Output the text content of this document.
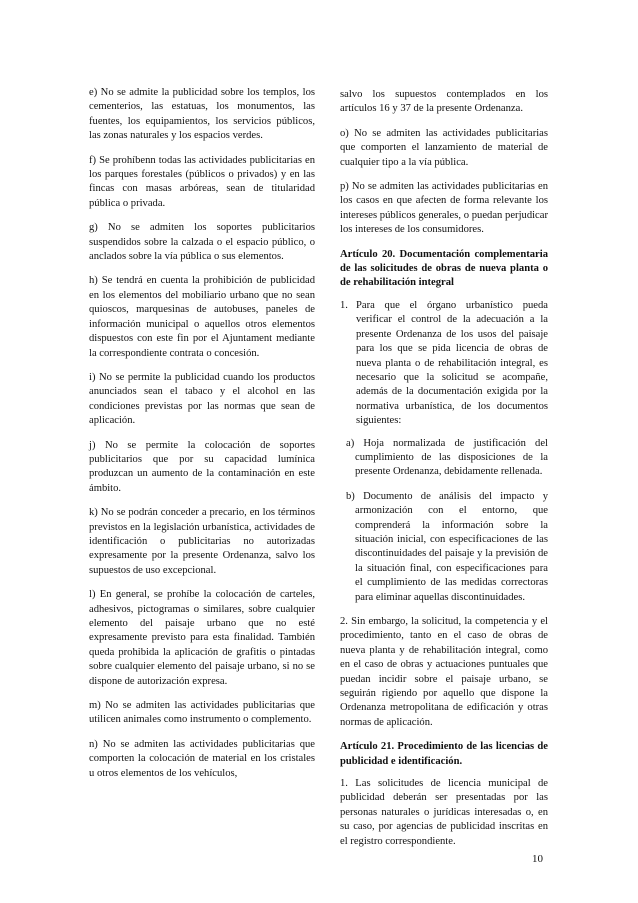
e) No se admite la publicidad sobre los templos, los cementerios, las estatuas, los monumentos, las fuentes, los equipamientos, los servicios públicos, las zonas naturales y los espacios verdes.

f) Se prohíbenn todas las actividades publicitarias en los parques forestales (públicos o privados) y en las fincas con masas arbóreas, sean de titularidad pública o privada.

g) No se admiten los soportes publicitarios suspendidos sobre la calzada o el espacio público, o anclados sobre la vía pública o sus elementos.

h) Se tendrá en cuenta la prohibición de publicidad en los elementos del mobiliario urbano que no sean quioscos, marquesinas de autobuses, paneles de información municipal o aquellos otros elementos dispuestos con este fin por el Ajuntament mediante la correspondiente contrata o concesión.

i) No se permite la publicidad cuando los productos anunciados sean el tabaco y el alcohol en las condiciones previstas por las normas que sean de aplicación.

j) No se permite la colocación de soportes publicitarios que por su capacidad lumínica produzcan un aumento de la contaminación en este ámbito.

k) No se podrán conceder a precario, en los términos previstos en la legislación urbanística, actividades de identificación o publicitarias no autorizadas expresamente por la presente Ordenanza, salvo los supuestos de uso excepcional.

l) En general, se prohíbe la colocación de carteles, adhesivos, pictogramas o similares, sobre cualquier elemento del paisaje urbano que no esté expresamente previsto para esta finalidad. También queda prohibida la aplicación de grafitis o pintadas sobre cualquier elemento del paisaje urbano, si no se dispone de autorización expresa.

m) No se admiten las actividades publicitarias que utilicen animales como instrumento o complemento.

n) No se admiten las actividades publicitarias que comporten la colocación de material en los cristales u otros elementos de los vehículos,

salvo los supuestos contemplados en los artículos 16 y 37 de la presente Ordenanza.

o) No se admiten las actividades publicitarias que comporten el lanzamiento de material de cualquier tipo a la vía pública.

p) No se admiten las actividades publicitarias en los casos en que afecten de forma relevante los intereses públicos generales, o puedan perjudicar los intereses de los consumidores.

Artículo 20. Documentación complementaria de las solicitudes de obras de nueva planta o de rehabilitación integral

1. Para que el órgano urbanístico pueda verificar el control de la adecuación a la presente Ordenanza de los usos del paisaje para los que se pida licencia de obras de nueva planta o de rehabilitación integral, es necesario que la solicitud se acompañe, además de la documentación exigida por la normativa urbanística, de los documentos siguientes:

a) Hoja normalizada de justificación del cumplimiento de las disposiciones de la presente Ordenanza, debidamente rellenada.

b) Documento de análisis del impacto y armonización con el entorno, que comprenderá la información sobre la situación inicial, con especificaciones de las discontinuidades del paisaje y la previsión de la situación final, con especificaciones para el cumplimiento de las medidas correctoras para eliminar aquellas discontinuidades.

2. Sin embargo, la solicitud, la competencia y el procedimiento, tanto en el caso de obras de nueva planta y de rehabilitación integral, como en el caso de obras y actuaciones puntuales que puedan incidir sobre el paisaje urbano, se seguirán rigiendo por aquello que dispone la Ordenanza metropolitana de edificación y otras normas de aplicación.

Artículo 21. Procedimiento de las licencias de publicidad e identificación.

1. Las solicitudes de licencia municipal de publicidad deberán ser presentadas por las personas naturales o jurídicas interesadas o, en su caso, por agencias de publicidad inscritas en el registro correspondiente.

10
